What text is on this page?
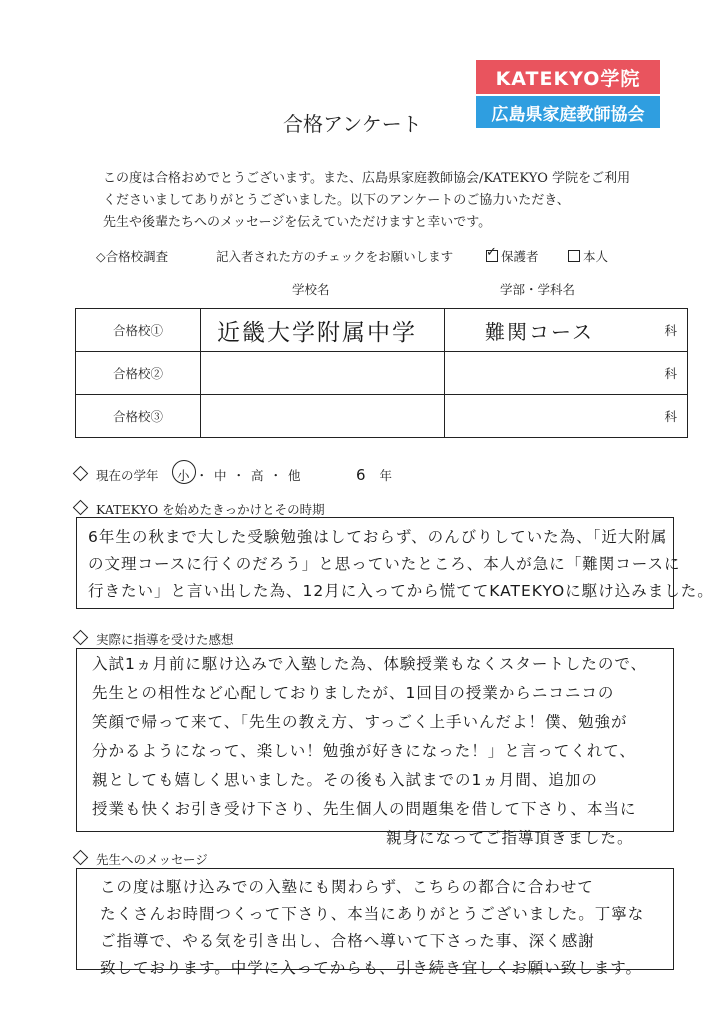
KATEKYO学院
広島県家庭教師協会
合格アンケート
この度は合格おめでとうございます。また、広島県家庭教師協会/KATEKYO 学院をご利用
くださいましてありがとうございました。以下のアンケートのご協力いただき、
先生や後輩たちへのメッセージを伝えていただけますと幸いです。
◇合格校調査	記入者された方のチェックをお願いします ✓	保護者	本人
学校名	学部・学科名
合格校①	近畿大学附属中学	難関コース 科

合格校②		科

合格校③		科
現在の学年 小・中・高・他	6 年
KATEKYO を始めたきっかけとその時期
6年生の秋まで大した受験勉強はしておらず、のんびりしていた為、「近大附属
の文理コースに行くのだろう」と思っていたところ、本人が急に「難関コースに
行きたい」と言い出した為、12月に入ってから慌ててKATEKYOに駆け込みました。
実際に指導を受けた感想
入試1ヵ月前に駆け込みで入塾した為、体験授業もなくスタートしたので、
先生との相性など心配しておりましたが、1回目の授業からニコニコの
笑顔で帰って来て、「先生の教え方、すっごく上手いんだよ！僕、勉強が
分かるようになって、楽しい！勉強が好きになった！」と言ってくれて、
親としても嬉しく思いました。その後も入試までの1ヵ月間、追加の
授業も快くお引き受け下さり、先生個人の問題集を借して下さり、本当に
親身になってご指導頂きました。
先生へのメッセージ
この度は駆け込みでの入塾にも関わらず、こちらの都合に合わせて
たくさんお時間つくって下さり、本当にありがとうございました。丁寧な
ご指導で、やる気を引き出し、合格へ導いて下さった事、深く感謝
致しております。中学に入ってからも、引き続き宜しくお願い致します。
